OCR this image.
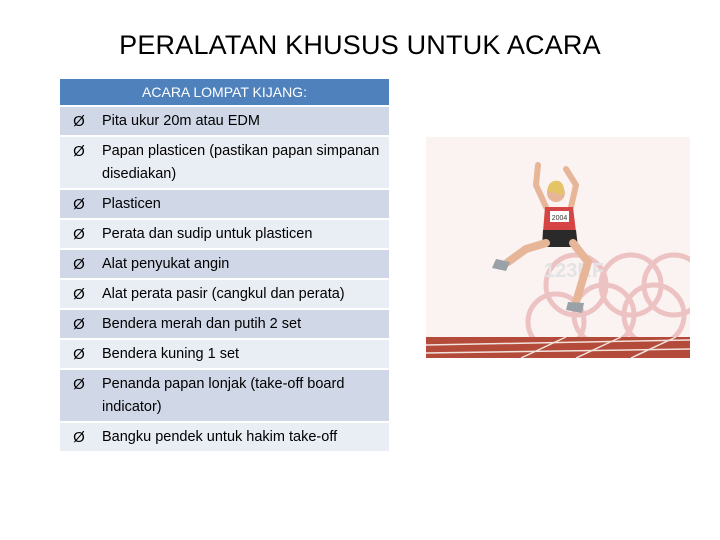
PERALATAN KHUSUS UNTUK ACARA
ACARA LOMPAT KIJANG:
Ø	Pita ukur 20m atau EDM
Ø	Papan plasticen (pastikan papan simpanan disediakan)
Ø	Plasticen
Ø	Perata dan sudip untuk plasticen
Ø	Alat penyukat angin
Ø	Alat perata pasir (cangkul dan perata)
Ø	Bendera merah dan putih 2 set
Ø	Bendera kuning 1 set
Ø	Penanda papan lonjak (take-off board indicator)
Ø	Bangku pendek untuk hakim take-off
123RF
2004
